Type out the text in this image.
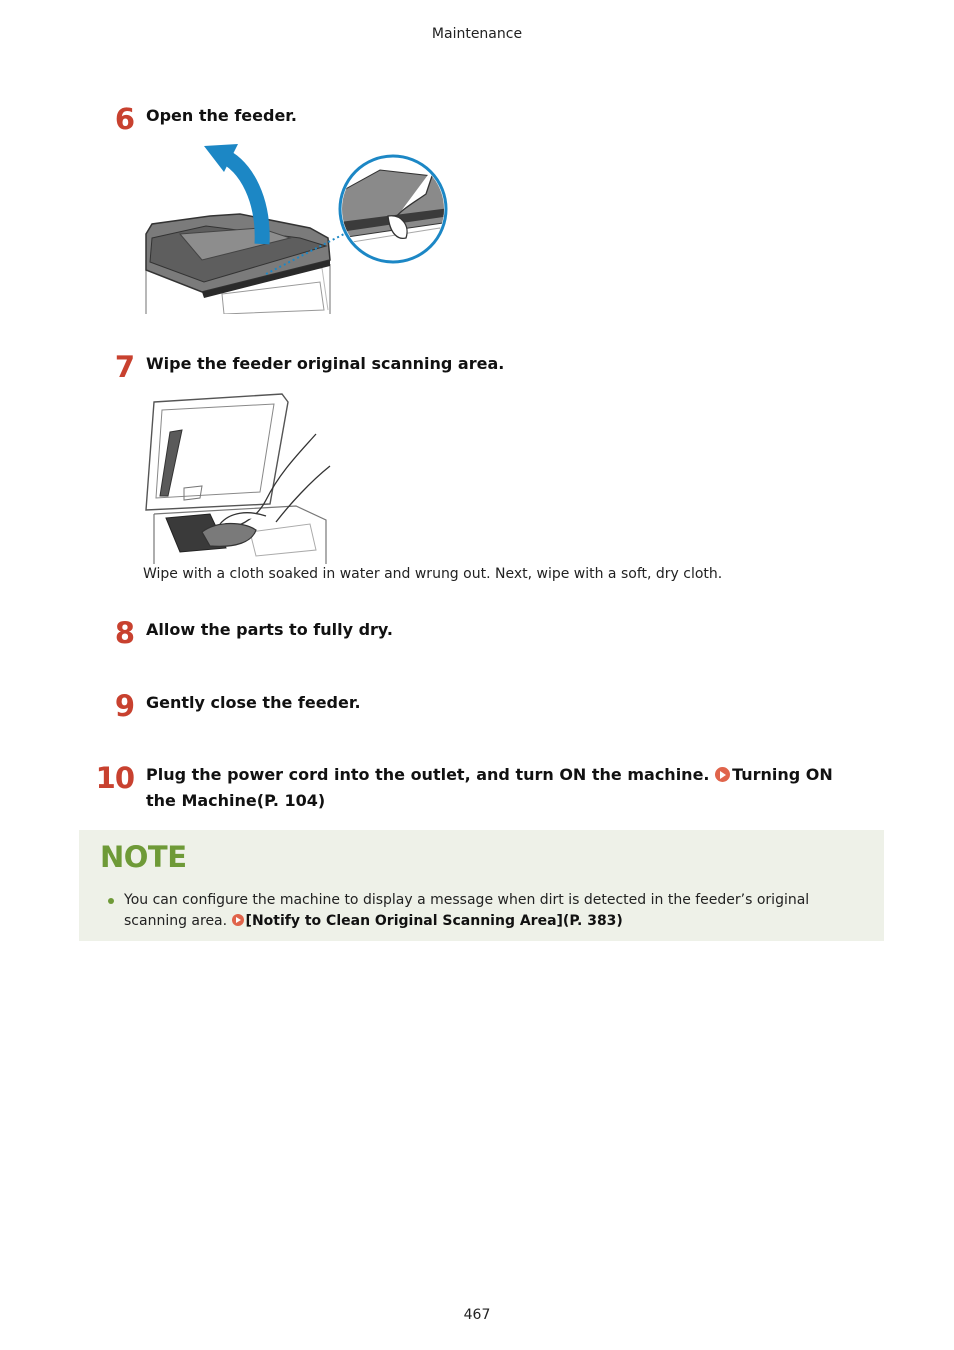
Maintenance
6 Open the feeder.
7 Wipe the feeder original scanning area.
Wipe with a cloth soaked in water and wrung out. Next, wipe with a soft, dry cloth.
8 Allow the parts to fully dry.
9 Gently close the feeder.
10 Plug the power cord into the outlet, and turn ON the machine. Turning ON the Machine(P. 104)
NOTE
You can configure the machine to display a message when dirt is detected in the feeder’s original scanning area. [Notify to Clean Original Scanning Area](P. 383)
467
